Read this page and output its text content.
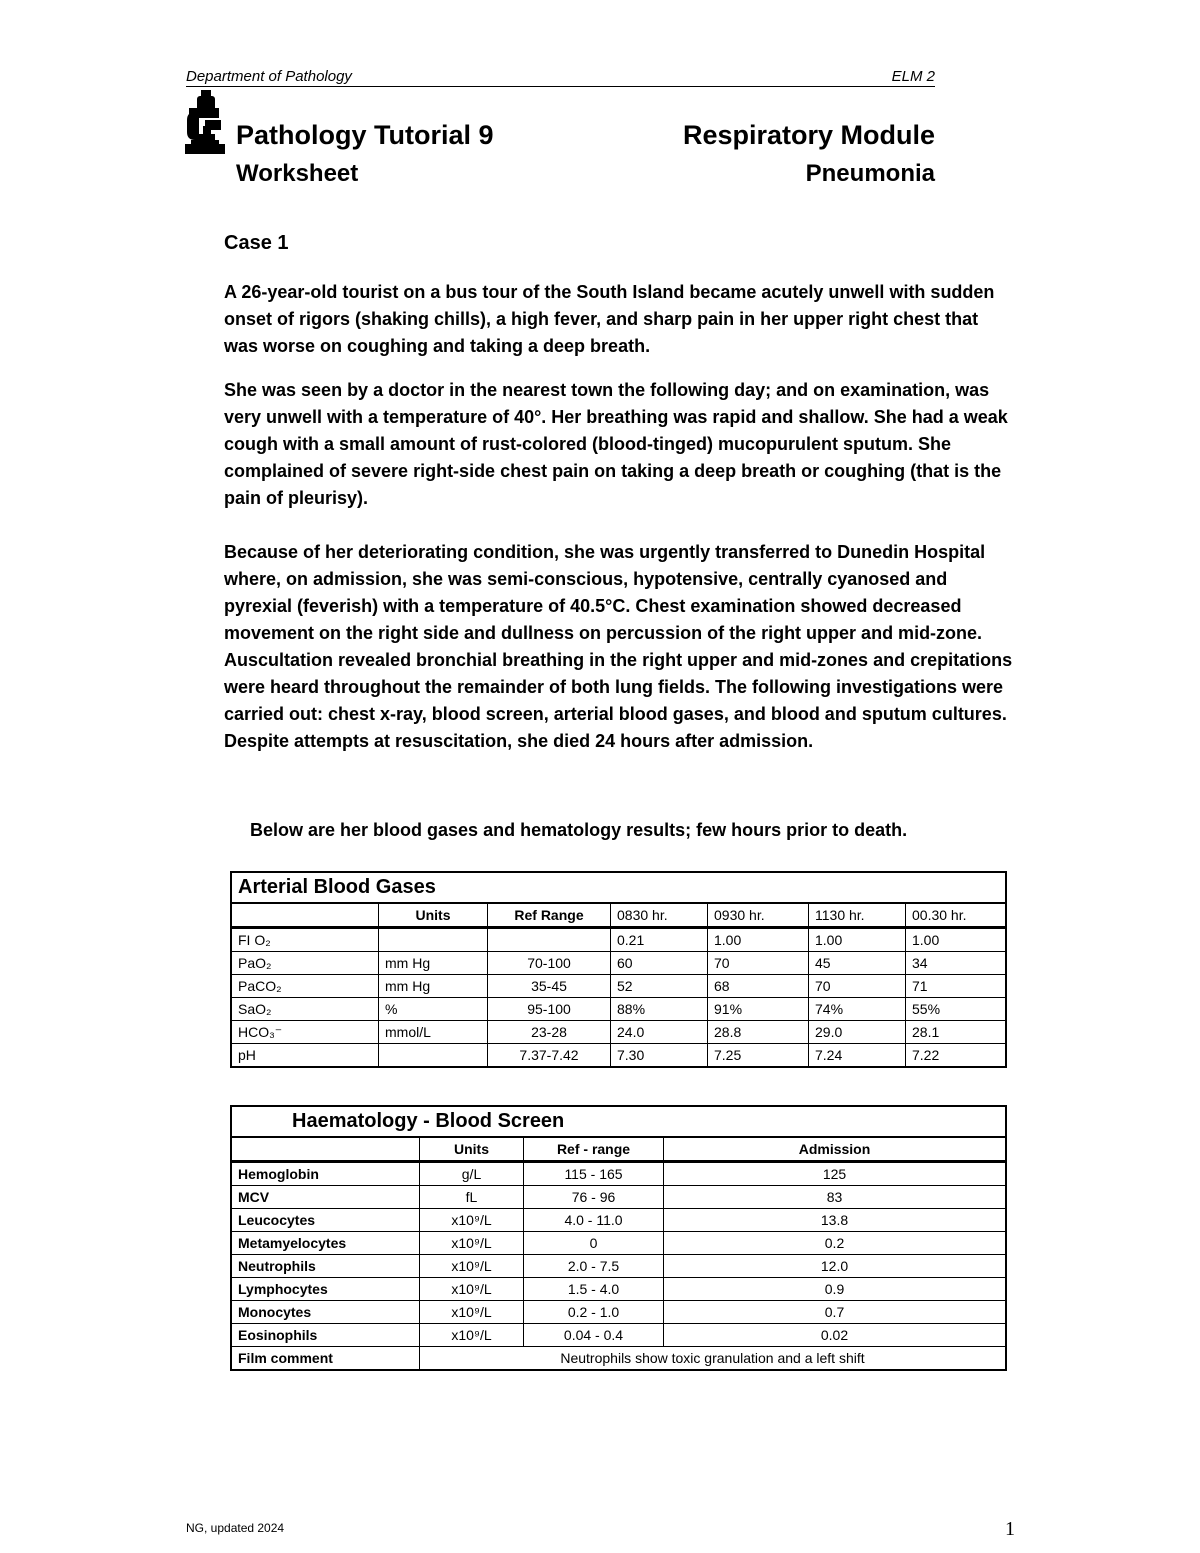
Department of Pathology	ELM 2
Pathology Tutorial 9	Respiratory Module
Worksheet	Pneumonia
Case 1
A 26-year-old tourist on a bus tour of the South Island became acutely unwell with sudden onset of rigors (shaking chills), a high fever, and sharp pain in her upper right chest that was worse on coughing and taking a deep breath.
She was seen by a doctor in the nearest town the following day; and on examination, was very unwell with a temperature of 40°. Her breathing was rapid and shallow. She had a weak cough with a small amount of rust-colored (blood-tinged) mucopurulent sputum. She complained of severe right-side chest pain on taking a deep breath or coughing (that is the pain of pleurisy).
Because of her deteriorating condition, she was urgently transferred to Dunedin Hospital where, on admission, she was semi-conscious, hypotensive, centrally cyanosed and pyrexial (feverish) with a temperature of 40.5°C. Chest examination showed decreased movement on the right side and dullness on percussion of the right upper and mid-zone. Auscultation revealed bronchial breathing in the right upper and mid-zones and crepitations were heard throughout the remainder of both lung fields. The following investigations were carried out: chest x-ray, blood screen, arterial blood gases, and blood and sputum cultures. Despite attempts at resuscitation, she died 24 hours after admission.
Below are her blood gases and hematology results; few hours prior to death.
Arterial Blood Gases						
	Units	Ref Range	0830 hr.	0930 hr.	1130 hr.	00.30 hr.
FI O₂			0.21	1.00	1.00	1.00
PaO₂	mm Hg	70-100	60	70	45	34
PaCO₂	mm Hg	35-45	52	68	70	71
SaO₂	%	95-100	88%	91%	74%	55%
HCO₃⁻	mmol/L	23-28	24.0	28.8	29.0	28.1
pH		7.37-7.42	7.30	7.25	7.24	7.22
Haematology - Blood Screen			
	Units	Ref - range	Admission
Hemoglobin	g/L	115 - 165	125
MCV	fL	76 - 96	83
Leucocytes	x10⁹/L	4.0 - 11.0	13.8
Metamyelocytes	x10⁹/L	0	0.2
Neutrophils	x10⁹/L	2.0 - 7.5	12.0
Lymphocytes	x10⁹/L	1.5 - 4.0	0.9
Monocytes	x10⁹/L	0.2 - 1.0	0.7
Eosinophils	x10⁹/L	0.04 - 0.4	0.02
Film comment	Neutrophils show toxic granulation and a left shift		
NG, updated 2024	1
